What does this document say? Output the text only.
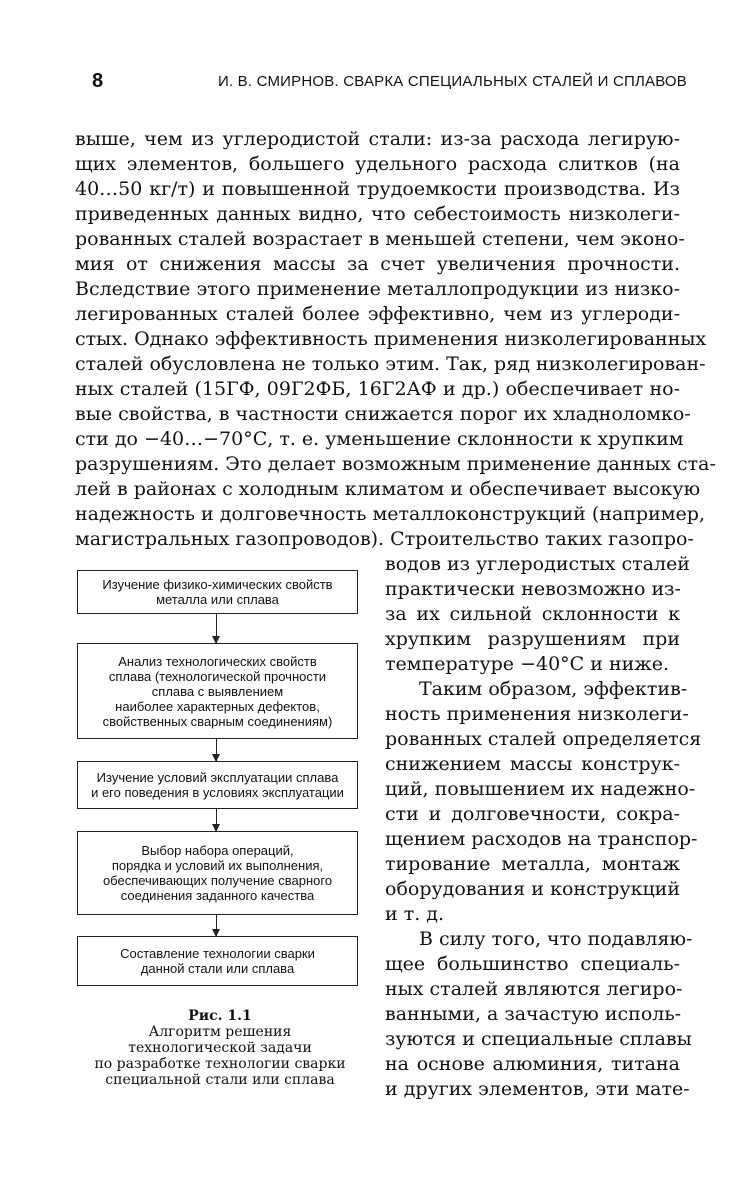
8	И. В. СМИРНОВ. СВАРКА СПЕЦИАЛЬНЫХ СТАЛЕЙ И СПЛАВОВ
выше, чем из углеродистой стали: из-за расхода легирую-
щих элементов, большего удельного расхода слитков (на
40…50 кг/т) и повышенной трудоемкости производства. Из
приведенных данных видно, что себестоимость низколеги-
рованных сталей возрастает в меньшей степени, чем эконо-
мия от снижения массы за счет увеличения прочности.
Вследствие этого применение металлопродукции из низко-
легированных сталей более эффективно, чем из углероди-
стых. Однако эффективность применения низколегированных
сталей обусловлена не только этим. Так, ряд низколегирован-
ных сталей (15ГФ, 09Г2ФБ, 16Г2АФ и др.) обеспечивает но-
вые свойства, в частности снижается порог их хладноломко-
сти до −40…−70°С, т. е. уменьшение склонности к хрупким
разрушениям. Это делает возможным применение данных ста-
лей в районах с холодным климатом и обеспечивает высокую
надежность и долговечность металлоконструкций (например,
магистральных газопроводов). Строительство таких газопро-
водов из углеродистых сталей
практически невозможно из-
за их сильной склонности к
хрупким разрушениям при
температуре −40°С и ниже.
Таким образом, эффектив-
ность применения низколеги-
рованных сталей определяется
снижением массы конструк-
ций, повышением их надежно-
сти и долговечности, сокра-
щением расходов на транспор-
тирование металла, монтаж
оборудования и конструкций
и т. д.
В силу того, что подавляю-
щее большинство специаль-
ных сталей являются легиро-
ванными, а зачастую исполь-
зуются и специальные сплавы
на основе алюминия, титана
и других элементов, эти мате-
Изучение физико-химических свойств
металла или сплава
Анализ технологических свойств
сплава (технологической прочности
сплава с выявлением
наиболее характерных дефектов,
свойственных сварным соединениям)
Изучение условий эксплуатации сплава
и его поведения в условиях эксплуатации
Выбор набора операций,
порядка и условий их выполнения,
обеспечивающих получение сварного
соединения заданного качества
Составление технологии сварки
данной стали или сплава
Рис. 1.1
Алгоритм решения
технологической задачи
по разработке технологии сварки
специальной стали или сплава
